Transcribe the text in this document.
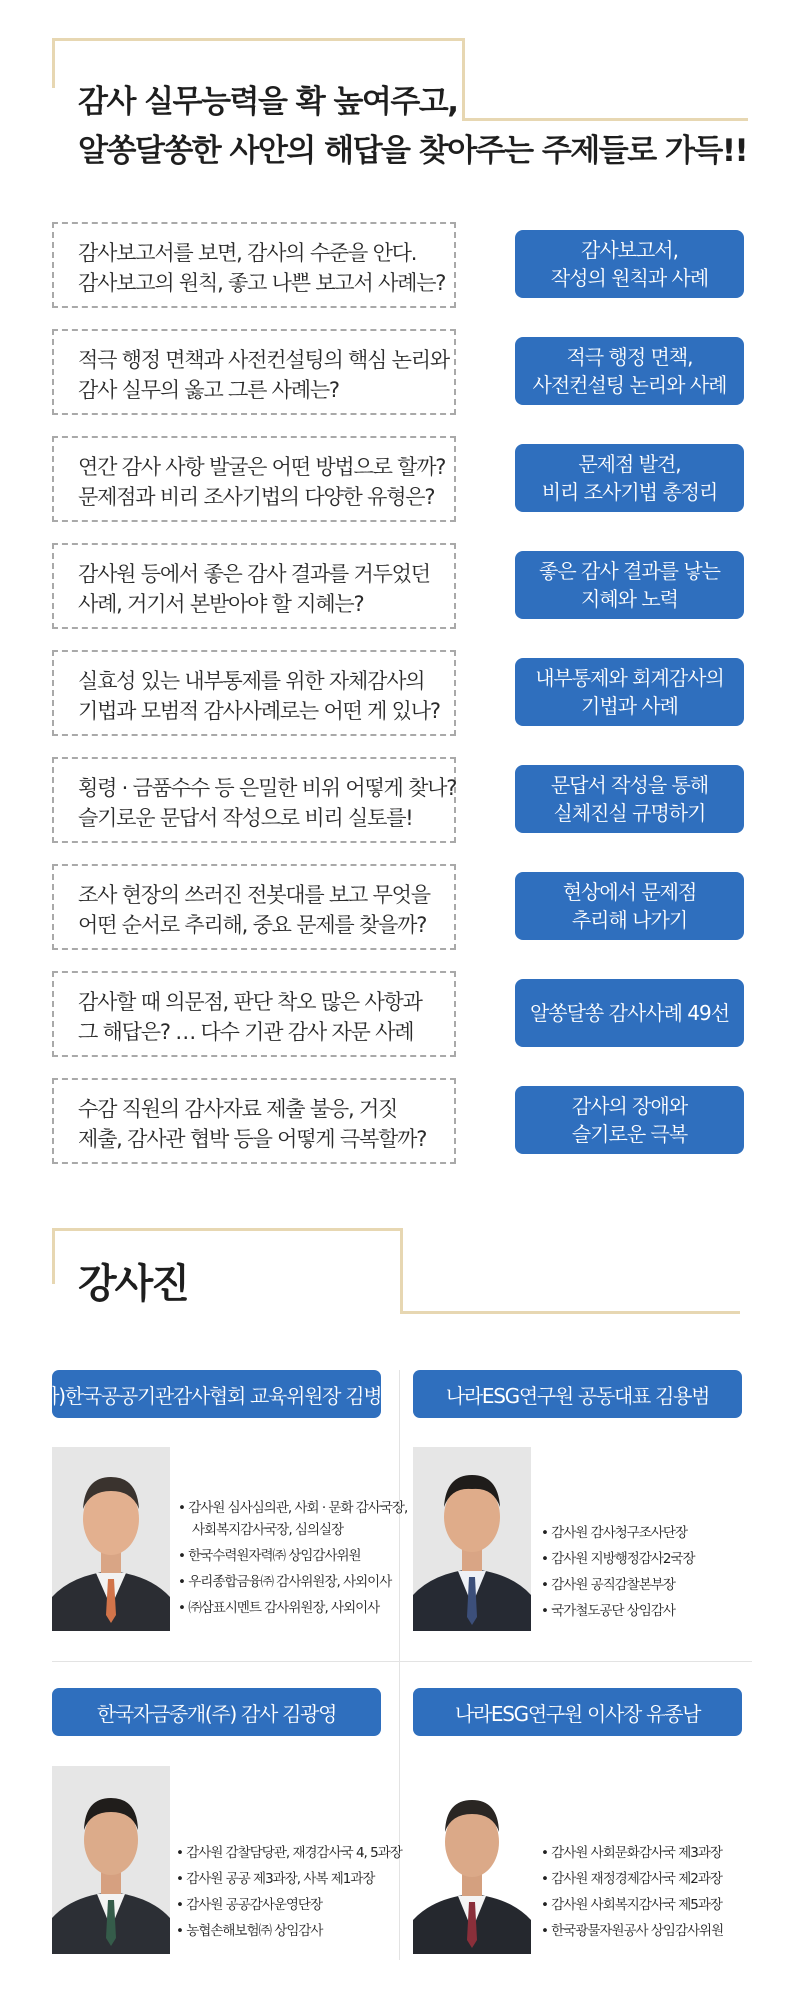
감사 실무능력을 확 높여주고,
알쏭달쏭한 사안의 해답을 찾아주는 주제들로 가득!!
감사보고서를 보면, 감사의 수준을 안다.
감사보고의 원칙, 좋고 나쁜 보고서 사례는?
감사보고서,
작성의 원칙과 사례
적극 행정 면책과 사전컨설팅의 핵심 논리와
감사 실무의 옳고 그른 사례는?
적극 행정 면책,
사전컨설팅 논리와 사례
연간 감사 사항 발굴은 어떤 방법으로 할까?
문제점과 비리 조사기법의 다양한 유형은?
문제점 발견,
비리 조사기법 총정리
감사원 등에서 좋은 감사 결과를 거두었던
사례, 거기서 본받아야 할 지혜는?
좋은 감사 결과를 낳는
지혜와 노력
실효성 있는 내부통제를 위한 자체감사의
기법과 모범적 감사사례로는 어떤 게 있나?
내부통제와 회계감사의
기법과 사례
횡령 · 금품수수 등 은밀한 비위 어떻게 찾나?
슬기로운 문답서 작성으로 비리 실토를!
문답서 작성을 통해
실체진실 규명하기
조사 현장의 쓰러진 전봇대를 보고 무엇을
어떤 순서로 추리해, 중요 문제를 찾을까?
현상에서 문제점
추리해 나가기
감사할 때 의문점, 판단 착오 많은 사항과
그 해답은? … 다수 기관 감사 자문 사례
알쏭달쏭 감사사례 49선
수감 직원의 감사자료 제출 불응, 거짓
제출, 감사관 협박 등을 어떻게 극복할까?
감사의 장애와
슬기로운 극복
강사진
(사)한국공공기관감사협회 교육위원장 김병석
• 감사원 심사심의관, 사회 · 문화 감사국장,
사회복지감사국장, 심의실장
• 한국수력원자력㈜ 상임감사위원
• 우리종합금융㈜ 감사위원장, 사외이사
• ㈜삼표시멘트 감사위원장, 사외이사
나라ESG연구원 공동대표 김용범
• 감사원 감사청구조사단장
• 감사원 지방행정감사2국장
• 감사원 공직감찰본부장
• 국가철도공단 상임감사
한국자금중개(주) 감사 김광영
• 감사원 감찰담당관, 재경감사국 4, 5과장
• 감사원 공공 제3과장, 사복 제1과장
• 감사원 공공감사운영단장
• 농협손해보험㈜ 상임감사
나라ESG연구원 이사장 유종남
• 감사원 사회문화감사국 제3과장
• 감사원 재정경제감사국 제2과장
• 감사원 사회복지감사국 제5과장
• 한국광물자원공사 상임감사위원
